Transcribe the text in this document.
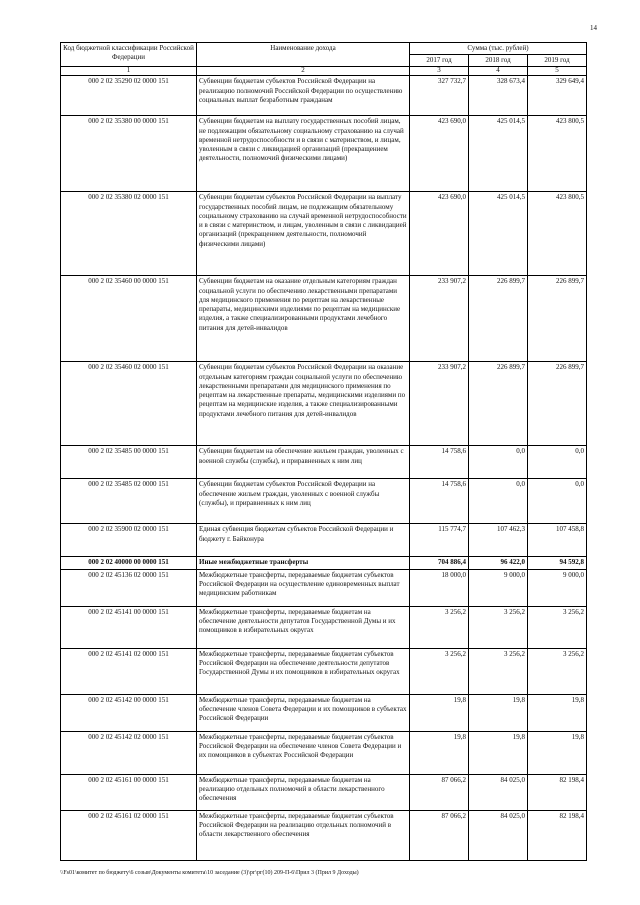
14
Код бюджетной классификации Российской Федерации	Наименование дохода	Сумма (тыс. рублей)		
		2017 год	2018 год	2019 год
1	2	3	4	5
000 2 02 35290 02 0000 151	Субвенции бюджетам субъектов Российской Федерации на реализацию полномочий Российской Федерации по осуществлению социальных выплат безработным гражданам	327 732,7	328 673,4	329 649,4
000 2 02 35380 00 0000 151	Субвенции бюджетам на выплату государственных пособий лицам, не подлежащим обязательному социальному страхованию на случай временной нетрудоспособности и в связи с материнством, и лицам, уволенным в связи с ликвидацией организаций (прекращением деятельности, полномочий физическими лицами)	423 690,0	425 014,5	423 800,5
000 2 02 35380 02 0000 151	Субвенции бюджетам субъектов Российской Федерации на выплату государственных пособий лицам, не подлежащим обязательному социальному страхованию на случай временной нетрудоспособности и в связи с материнством, и лицам, уволенным в связи с ликвидацией организаций (прекращением деятельности, полномочий физическими лицами)	423 690,0	425 014,5	423 800,5
000 2 02 35460 00 0000 151	Субвенции бюджетам на оказание отдельным категориям граждан социальной услуги по обеспечению лекарственными препаратами для медицинского применения по рецептам на лекарственные препараты, медицинскими изделиями по рецептам на медицинские изделия, а также специализированными продуктами лечебного питания для детей-инвалидов	233 907,2	226 899,7	226 899,7
000 2 02 35460 02 0000 151	Субвенции бюджетам субъектов Российской Федерации на оказание отдельным категориям граждан социальной услуги по обеспечению лекарственными препаратами для медицинского применения по рецептам на лекарственные препараты, медицинскими изделиями по рецептам на медицинские изделия, а также специализированными продуктами лечебного питания для детей-инвалидов	233 907,2	226 899,7	226 899,7
000 2 02 35485 00 0000 151	Субвенции бюджетам на обеспечение жильем граждан, уволенных с военной службы (службы), и приравненных к ним лиц	14 758,6	0,0	0,0
000 2 02 35485 02 0000 151	Субвенции бюджетам субъектов Российской Федерации на обеспечение жильем граждан, уволенных с военной службы (службы), и приравненных к ним лиц	14 758,6	0,0	0,0
000 2 02 35900 02 0000 151	Единая субвенция бюджетам субъектов Российской Федерации и бюджету г. Байконура	115 774,7	107 462,3	107 458,8
000 2 02 40000 00 0000 151	Иные межбюджетные трансферты	704 886,4	96 422,0	94 592,8
000 2 02 45136 02 0000 151	Межбюджетные трансферты, передаваемые бюджетам субъектов Российской Федерации на осуществление единовременных выплат медицинским работникам	18 000,0	9 000,0	9 000,0
000 2 02 45141 00 0000 151	Межбюджетные трансферты, передаваемые бюджетам на обеспечение деятельности депутатов Государственной Думы и их помощников в избирательных округах	3 256,2	3 256,2	3 256,2
000 2 02 45141 02 0000 151	Межбюджетные трансферты, передаваемые бюджетам субъектов Российской Федерации на обеспечение деятельности депутатов Государственной Думы и их помощников в избирательных округах	3 256,2	3 256,2	3 256,2
000 2 02 45142 00 0000 151	Межбюджетные трансферты, передаваемые бюджетам на обеспечение членов Совета Федерации и их помощников в субъектах Российской Федерации	19,8	19,8	19,8
000 2 02 45142 02 0000 151	Межбюджетные трансферты, передаваемые бюджетам субъектов Российской Федерации на обеспечение членов Совета Федерации и их помощников в субъектах Российской Федерации	19,8	19,8	19,8
000 2 02 45161 00 0000 151	Межбюджетные трансферты, передаваемые бюджетам на реализацию отдельных полномочий в области лекарственного обеспечения	87 066,2	84 025,0	82 198,4
000 2 02 45161 02 0000 151	Межбюджетные трансферты, передаваемые бюджетам субъектов Российской Федерации на реализацию отдельных полномочий в области лекарственного обеспечения	87 066,2	84 025,0	82 198,4
\\Fs01\комитет по бюджету\6 созыв\Документы комитета\10 заседание (3)\рг\рг(10) 209-П-6\Прил 3 (Прил 9 Доходы)
